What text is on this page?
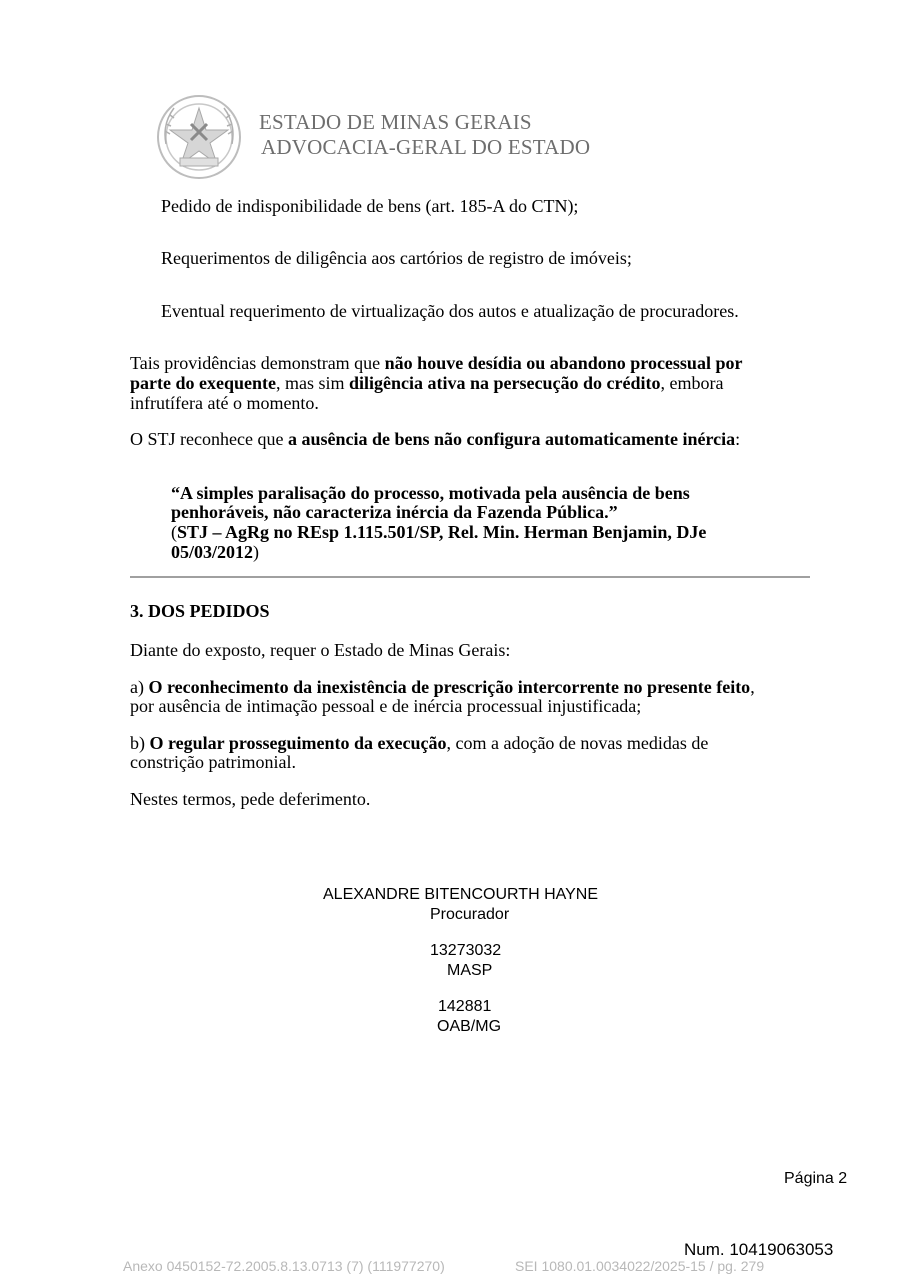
ESTADO DE MINAS GERAIS
ADVOCACIA-GERAL DO ESTADO
Pedido de indisponibilidade de bens (art. 185-A do CTN);
Requerimentos de diligência aos cartórios de registro de imóveis;
Eventual requerimento de virtualização dos autos e atualização de procuradores.
Tais providências demonstram que não houve desídia ou abandono processual por
parte do exequente, mas sim diligência ativa na persecução do crédito, embora
infrutífera até o momento.
O STJ reconhece que a ausência de bens não configura automaticamente inércia:
“A simples paralisação do processo, motivada pela ausência de bens
penhoráveis, não caracteriza inércia da Fazenda Pública.”
(STJ – AgRg no REsp 1.115.501/SP, Rel. Min. Herman Benjamin, DJe
05/03/2012)
3. DOS PEDIDOS
Diante do exposto, requer o Estado de Minas Gerais:
a) O reconhecimento da inexistência de prescrição intercorrente no presente feito,
por ausência de intimação pessoal e de inércia processual injustificada;
b) O regular prosseguimento da execução, com a adoção de novas medidas de
constrição patrimonial.
Nestes termos, pede deferimento.
ALEXANDRE BITENCOURTH HAYNE
Procurador
13273032
MASP
142881
OAB/MG
Página 2
Num. 10419063053
Anexo 0450152-72.2005.8.13.0713 (7) (111977270)	SEI 1080.01.0034022/2025-15 / pg. 279
